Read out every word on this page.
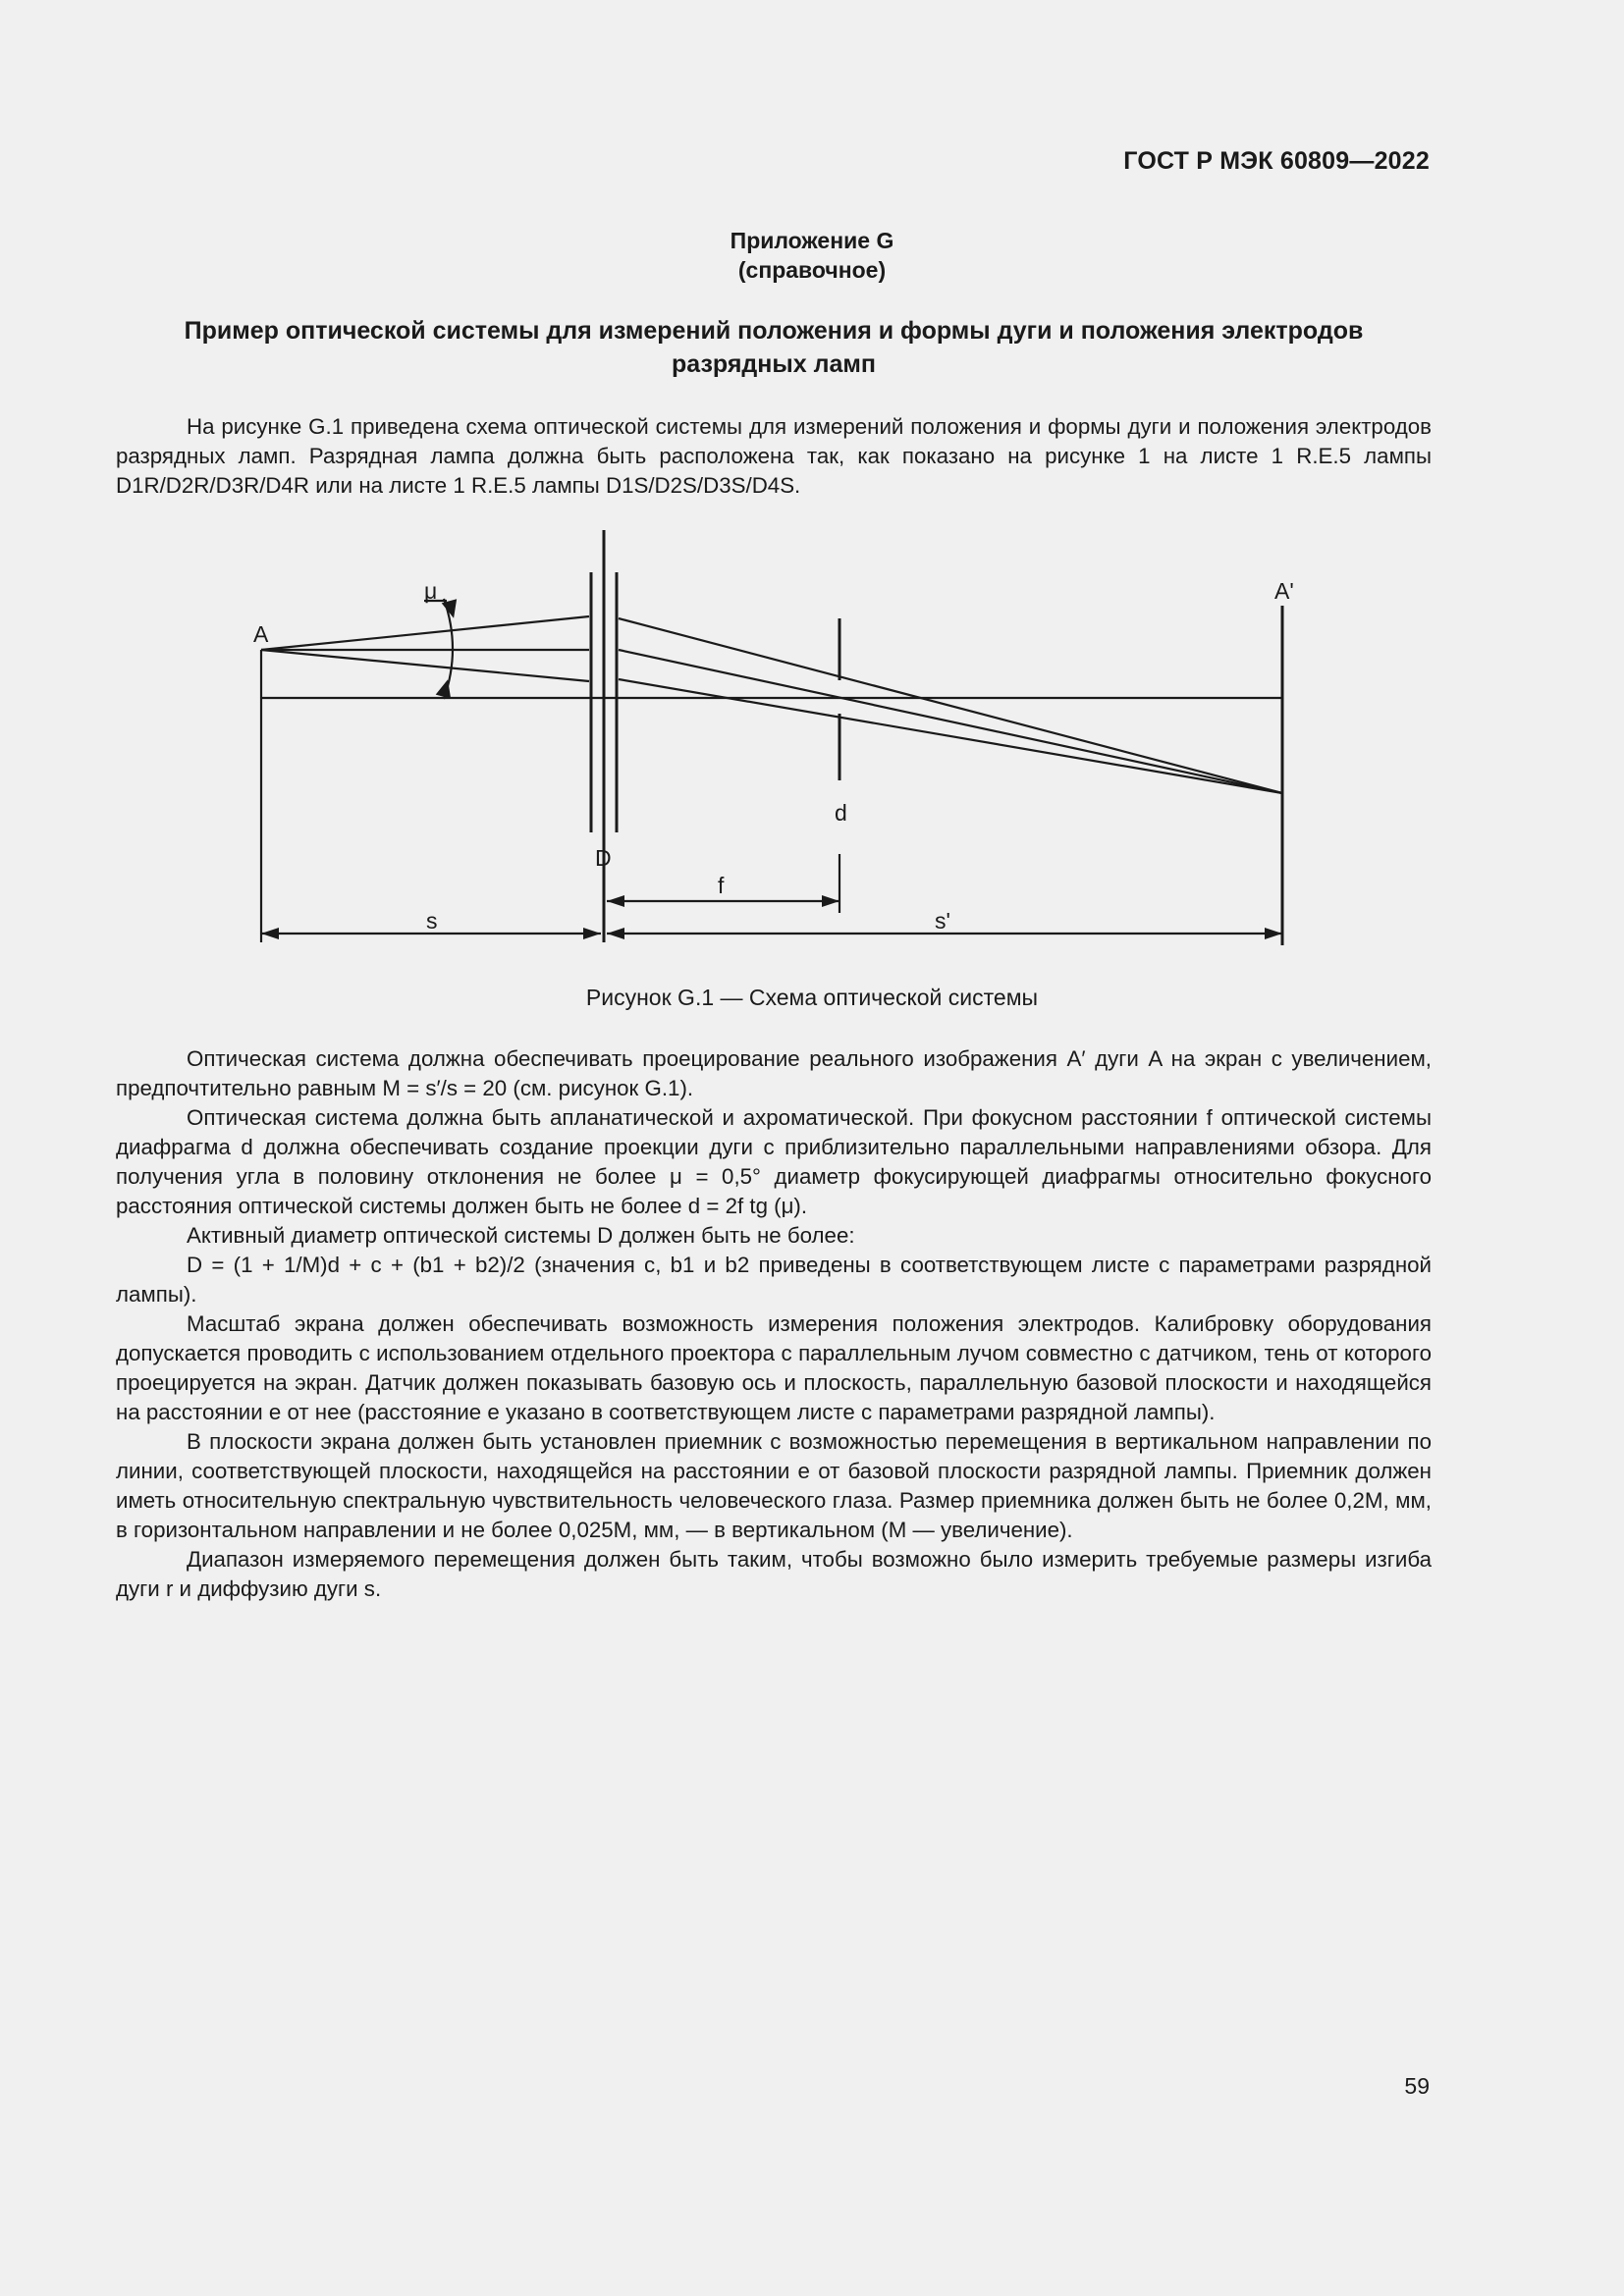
ГОСТ Р МЭК 60809—2022
Приложение G
(справочное)
Пример оптической системы для измерений положения и формы дуги и положения электродов разрядных ламп

На рисунке G.1 приведена схема оптической системы для измерений положения и формы дуги и положения электродов разрядных ламп. Разрядная лампа должна быть расположена так, как показано на рисунке 1 на листе 1 R.E.5 лампы D1R/D2R/D3R/D4R или на листе 1 R.E.5 лампы D1S/D2S/D3S/D4S.

A
A'
μ
D
d
f
s	s'
Рисунок G.1 — Схема оптической системы

Оптическая система должна обеспечивать проецирование реального изображения A′ дуги A на экран с увеличением, предпочтительно равным M = s′/s = 20 (см. рисунок G.1).

Оптическая система должна быть апланатической и ахроматической. При фокусном расстоянии f оптической системы диафрагма d должна обеспечивать создание проекции дуги с приблизительно параллельными направлениями обзора. Для получения угла в половину отклонения не более μ = 0,5° диаметр фокусирующей диафрагмы относительно фокусного расстояния оптической системы должен быть не более d = 2f tg (μ).

Активный диаметр оптической системы D должен быть не более:

D = (1 + 1/M)d + c + (b1 + b2)/2 (значения c, b1 и b2 приведены в соответствующем листе с параметрами разрядной лампы).

Масштаб экрана должен обеспечивать возможность измерения положения электродов. Калибровку оборудования допускается проводить с использованием отдельного проектора с параллельным лучом совместно с датчиком, тень от которого проецируется на экран. Датчик должен показывать базовую ось и плоскость, параллельную базовой плоскости и находящейся на расстоянии e от нее (расстояние e указано в соответствующем листе с параметрами разрядной лампы).

В плоскости экрана должен быть установлен приемник с возможностью перемещения в вертикальном направлении по линии, соответствующей плоскости, находящейся на расстоянии e от базовой плоскости разрядной лампы. Приемник должен иметь относительную спектральную чувствительность человеческого глаза. Размер приемника должен быть не более 0,2M, мм, в горизонтальном направлении и не более 0,025M, мм, — в вертикальном (M — увеличение).

Диапазон измеряемого перемещения должен быть таким, чтобы возможно было измерить требуемые размеры изгиба дуги r и диффузию дуги s.

59
